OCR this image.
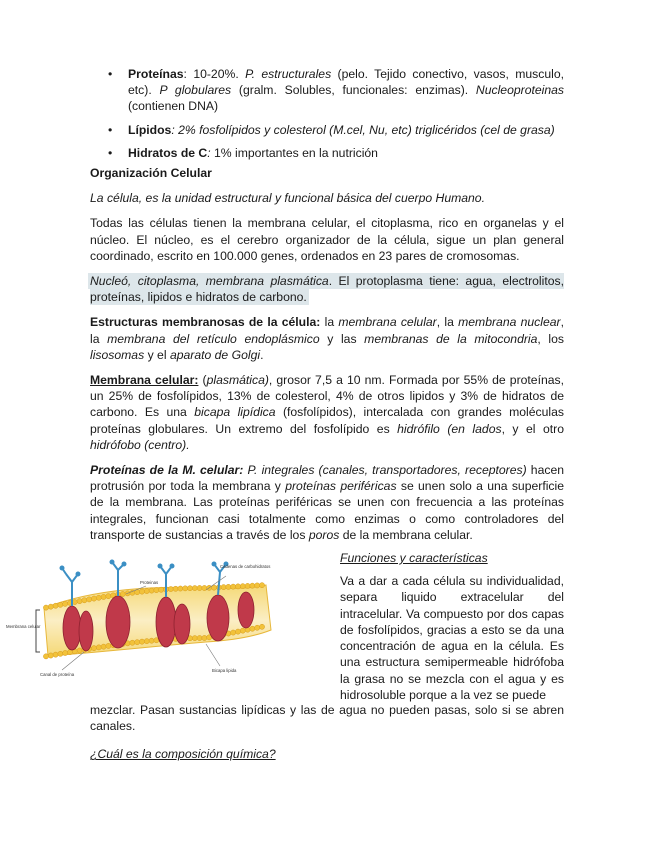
• Proteínas: 10-20%. P. estructurales (pelo. Tejido conectivo, vasos, musculo, etc). P globulares (gralm. Solubles, funcionales: enzimas). Nucleoproteinas (contienen DNA)
• Lípidos: 2% fosfolípidos y colesterol (M.cel, Nu, etc) triglicéridos (cel de grasa)
• Hidratos de C: 1% importantes en la nutrición

Organización Celular

La célula, es la unidad estructural y funcional básica del cuerpo Humano.

Todas las células tienen la membrana celular, el citoplasma, rico en organelas y el núcleo. El núcleo, es el cerebro organizador de la célula, sigue un plan general coordinado, escrito en 100.000 genes, ordenados en 23 pares de cromosomas.

Nucleó, citoplasma, membrana plasmática. El protoplasma tiene: agua, electrolitos, proteínas, lipidos e hidratos de carbono.

Estructuras membranosas de la célula: la membrana celular, la membrana nuclear, la membrana del retículo endoplásmico y las membranas de la mitocondria, los lisosomas y el aparato de Golgi.

Membrana celular: (plasmática), grosor 7,5 a 10 nm. Formada por 55% de proteínas, un 25% de fosfolípidos, 13% de colesterol, 4% de otros lipidos y 3% de hidratos de carbono. Es una bicapa lipídica (fosfolípidos), intercalada con grandes moléculas proteínas globulares. Un extremo del fosfolípido es hidrófilo (en lados, y el otro hidrófobo (centro).

Proteínas de la M. celular: P. integrales (canales, transportadores, receptores) hacen protrusión por toda la membrana y proteínas periféricas se unen solo a una superficie de la membrana. Las proteínas periféricas se unen con frecuencia a las proteínas integrales, funcionan casi totalmente como enzimas o como controladores del transporte de sustancias a través de los poros de la membrana celular.

Membrana celular
Proteinas
Cadenas de carbohidratos
Canal de proteína
Bicapa lipida

Funciones y características

Va a dar a cada célula su individualidad, separa liquido extracelular del intracelular. Va compuesto por dos capas de fosfolípidos, gracias a esto se da una concentración de agua en la célula. Es una estructura semipermeable hidrófoba la grasa no se mezcla con el agua y es hidrosoluble porque a la vez se puede

mezclar. Pasan sustancias lipídicas y las de agua no pueden pasas, solo si se abren canales.

¿Cuál es la composición química?
